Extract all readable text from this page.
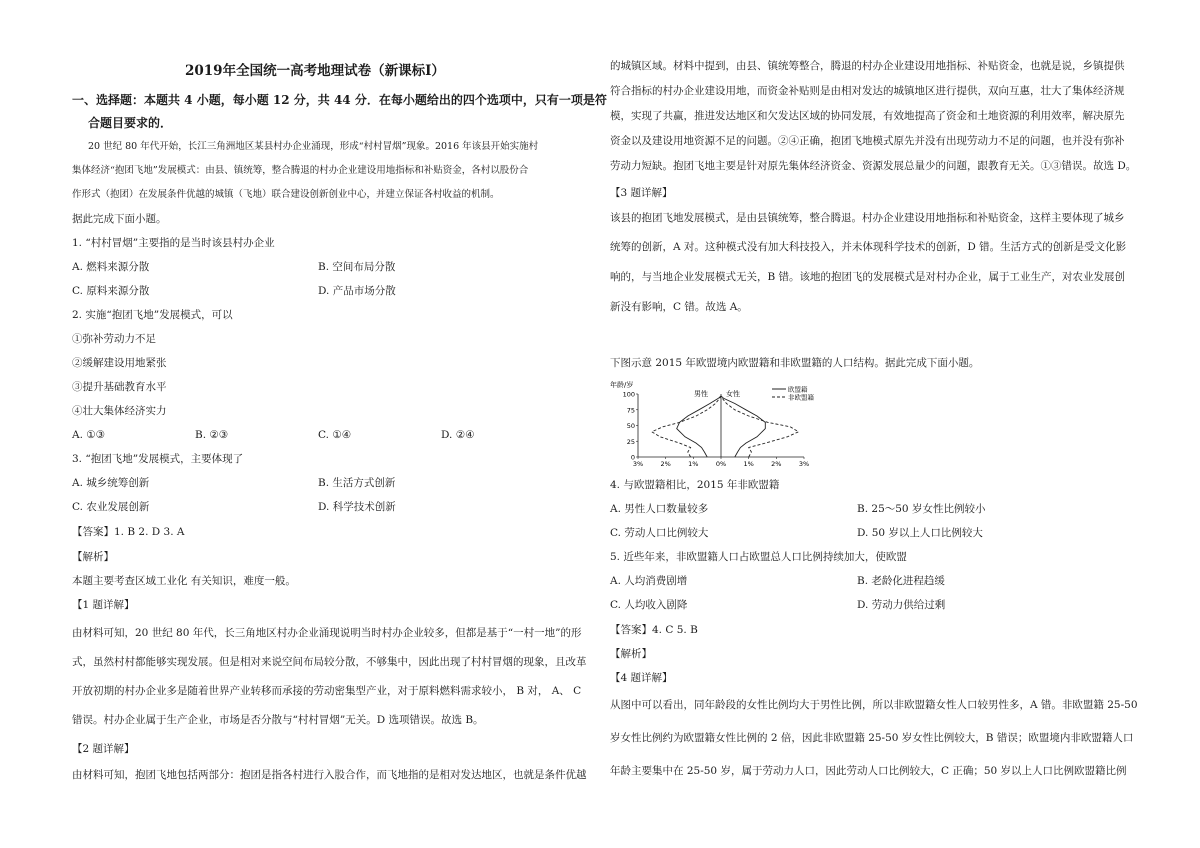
2019年全国统一高考地理试卷（新课标Ⅰ）
一、选择题：本题共 4 小题，每小题 12 分，共 44 分．在每小题给出的四个选项中，只有一项是符
合题目要求的．
20 世纪 80 年代开始，长江三角洲地区某县村办企业涌现，形成“村村冒烟”现象。2016 年该县开始实施村
集体经济“抱团飞地”发展模式：由县、镇统筹，整合腾退的村办企业建设用地指标和补贴资金，各村以股份合
作形式（抱团）在发展条件优越的城镇（飞地）联合建设创新创业中心，并建立保证各村收益的机制。
据此完成下面小题。
1. “村村冒烟”主要指的是当时该县村办企业
A. 燃料来源分散	B. 空间布局分散
C. 原料来源分散	D. 产品市场分散
2. 实施“抱团飞地”发展模式，可以
①弥补劳动力不足
②缓解建设用地紧张
③提升基础教育水平
④壮大集体经济实力
A. ①③	B. ②③	C. ①④	D. ②④
3. “抱团飞地”发展模式，主要体现了
A. 城乡统筹创新	B. 生活方式创新
C. 农业发展创新	D. 科学技术创新
【答案】1. B 2. D 3. A
【解析】
本题主要考查区域工业化 有关知识，难度一般。
【1 题详解】
由材料可知，20 世纪 80 年代，长三角地区村办企业涌现说明当时村办企业较多，但都是基于“一村一地”的形
式，虽然村村都能够实现发展。但是相对来说空间布局较分散，不够集中，因此出现了村村冒烟的现象，且改革
开放初期的村办企业多是随着世界产业转移而承接的劳动密集型产业，对于原料燃料需求较小， B 对， A、 C
错误。村办企业属于生产企业，市场是否分散与“村村冒烟”无关。D 选项错误。故选 B。
【2 题详解】
由材料可知，抱团飞地包括两部分：抱团是指各村进行入股合作，而飞地指的是相对发达地区，也就是条件优越
的城镇区域。材料中提到，由县、镇统筹整合，腾退的村办企业建设用地指标、补贴资金，也就是说，乡镇提供
符合指标的村办企业建设用地，而资金补贴则是由相对发达的城镇地区进行提供，双向互惠，壮大了集体经济规
模，实现了共赢，推进发达地区和欠发达区域的协同发展，有效地提高了资金和土地资源的利用效率，解决原先
资金以及建设用地资源不足的问题。②④正确，抱团飞地模式原先并没有出现劳动力不足的问题，也并没有弥补
劳动力短缺。抱团飞地主要是针对原先集体经济资金、资源发展总量少的问题，跟教育无关。①③错误。故选 D。
【3 题详解】
该县的抱团飞地发展模式，是由县镇统筹，整合腾退。村办企业建设用地指标和补贴资金，这样主要体现了城乡
统筹的创新，A 对。这种模式没有加大科技投入，并未体现科学技术的创新，D 错。生活方式的创新是受文化影
响的，与当地企业发展模式无关，B 错。该地的抱团飞的发展模式是对村办企业，属于工业生产，对农业发展创
新没有影响，C 错。故选 A。
下图示意 2015 年欧盟境内欧盟籍和非欧盟籍的人口结构。据此完成下面小题。
年龄/岁
100
75
50
25
0
3%	2%	1%	0%	1%	2%	3%
男性	女性
欧盟籍
非欧盟籍
4. 与欧盟籍相比，2015 年非欧盟籍
A. 男性人口数量较多	B. 25～50 岁女性比例较小
C. 劳动人口比例较大	D. 50 岁以上人口比例较大
5. 近些年来，非欧盟籍人口占欧盟总人口比例持续加大，使欧盟
A. 人均消费剧增	B. 老龄化进程趋缓
C. 人均收入剧降	D. 劳动力供给过剩
【答案】4. C 5. B
【解析】
【4 题详解】
从图中可以看出，同年龄段的女性比例均大于男性比例，所以非欧盟籍女性人口较男性多，A 错。非欧盟籍 25-50
岁女性比例约为欧盟籍女性比例的 2 倍，因此非欧盟籍 25-50 岁女性比例较大，B 错误；欧盟境内非欧盟籍人口
年龄主要集中在 25-50 岁，属于劳动力人口，因此劳动人口比例较大，C 正确；50 岁以上人口比例欧盟籍比例
